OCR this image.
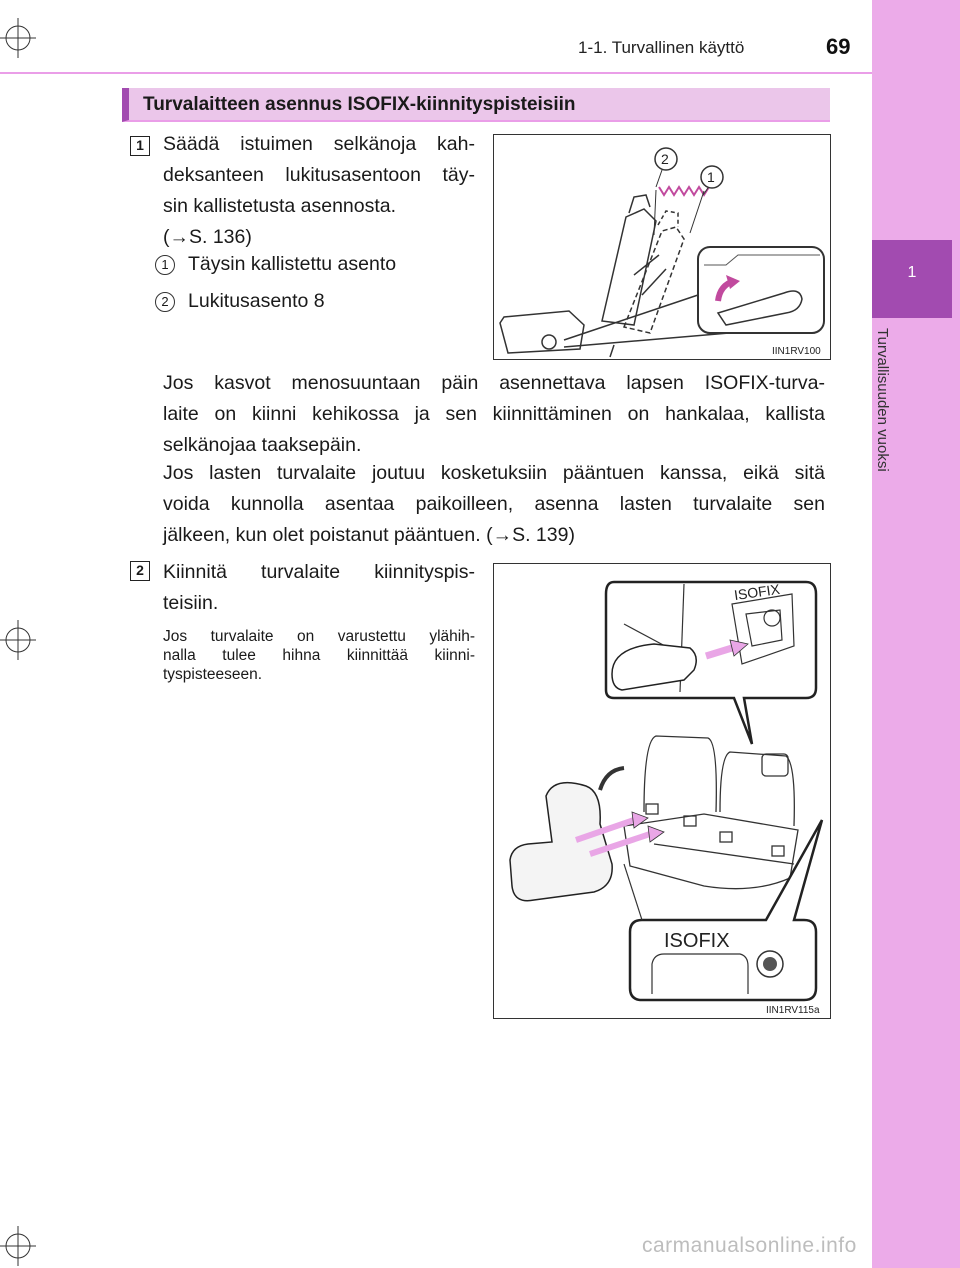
1
Turvallisuuden vuoksi
1-1. Turvallinen käyttö	69
Turvalaitteen asennus ISOFIX-kiinnityspisteisiin
1 Säädä istuimen selkänoja kah-
deksanteen lukitusasentoon täy-
sin kallistetusta asennosta.
(→S. 136)
1 Täysin kallistettu asento
2 Lukitusasento 8
IIN1RV100
2
1
Jos kasvot menosuuntaan päin asennettava lapsen ISOFIX-turva-
laite on kiinni kehikossa ja sen kiinnittäminen on hankalaa, kallista
selkänojaa taaksepäin.
Jos lasten turvalaite joutuu kosketuksiin pääntuen kanssa, eikä sitä
voida kunnolla asentaa paikoilleen, asenna lasten turvalaite sen
jälkeen, kun olet poistanut pääntuen. (→S. 139)
2 Kiinnitä turvalaite kiinnityspis-
teisiin.
Jos turvalaite on varustettu ylähih-
nalla tulee hihna kiinnittää kiinni-
tyspisteeseen.
ISOFIX
ISOFIX
IIN1RV115a
carmanualsonline.info
